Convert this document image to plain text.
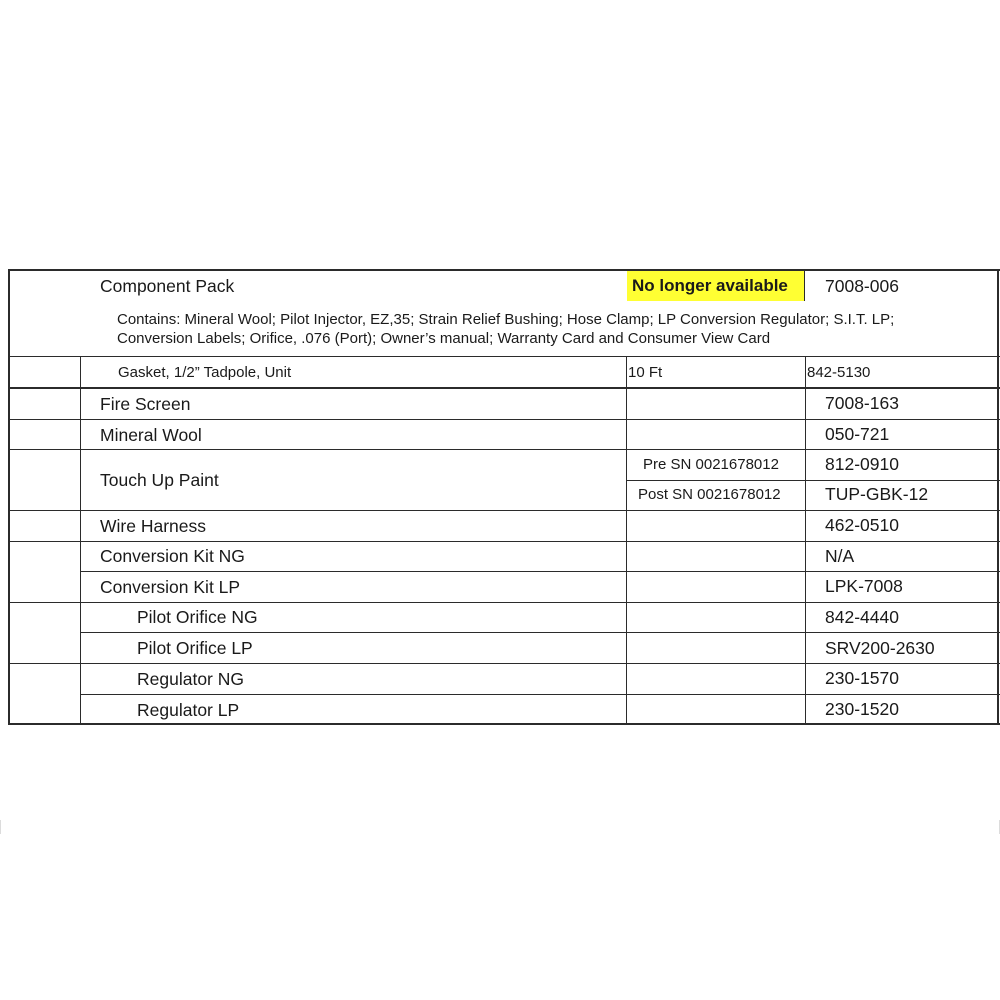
Component Pack	No longer available 7008-006
Contains: Mineral Wool; Pilot Injector, EZ,35; Strain Relief Bushing; Hose Clamp; LP Conversion Regulator; S.I.T. LP;
Conversion Labels; Orifice, .076 (Port); Owner’s manual; Warranty Card and Consumer View Card
Gasket, 1/2” Tadpole, Unit	10 Ft	842-5130
Fire Screen	7008-163
Mineral Wool	050-721
Touch Up Paint
Pre SN 0021678012	812-0910
Post SN 0021678012	TUP-GBK-12
Wire Harness	462-0510
Conversion Kit NG	N/A
Conversion Kit LP	LPK-7008
Pilot Orifice NG	842-4440
Pilot Orifice LP	SRV200-2630
Regulator NG	230-1570
Regulator LP	230-1520
